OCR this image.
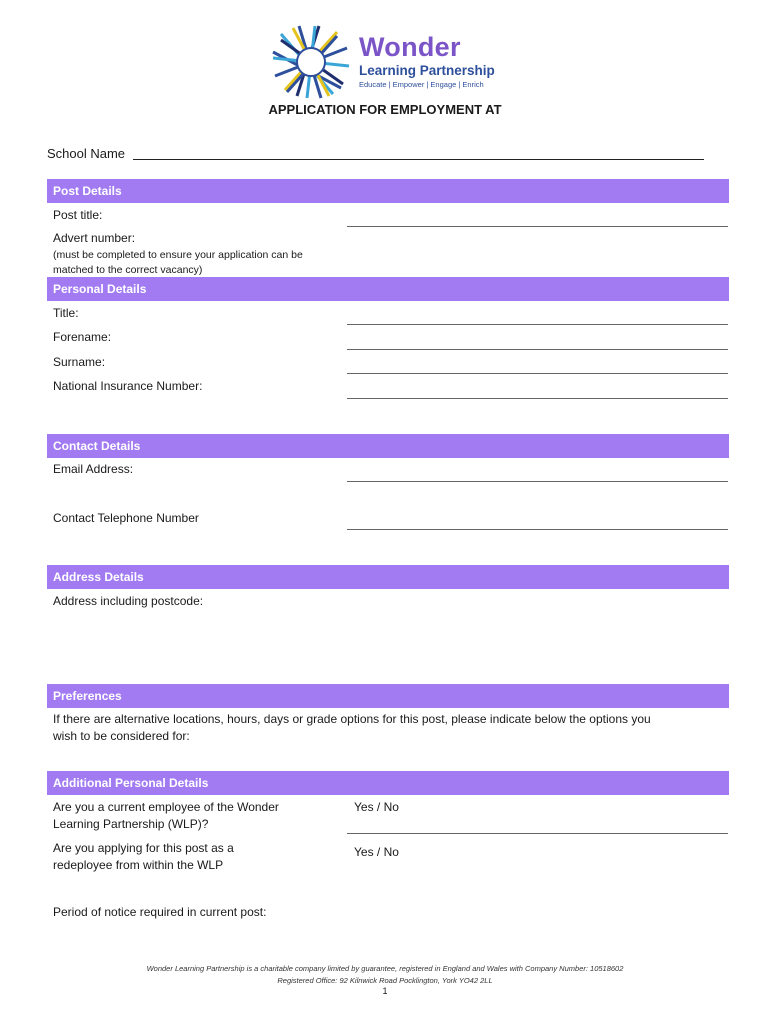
Wonder
Learning Partnership
Educate | Empower | Engage | Enrich
APPLICATION FOR EMPLOYMENT AT
School Name
Post Details
Post title:
Advert number:
(must be completed to ensure your application can be
matched to the correct vacancy)
Personal Details
Title:
Forename:
Surname:
National Insurance Number:
Contact Details
Email Address:
Contact Telephone Number
Address Details
Address including postcode:
Preferences
If there are alternative locations, hours, days or grade options for this post, please indicate below the options you
wish to be considered for:
Additional Personal Details
Are you a current employee of the Wonder
Learning Partnership (WLP)?
Yes / No
Are you applying for this post as a
redeployee from within the WLP
Yes / No
Period of notice required in current post:
Wonder Learning Partnership is a charitable company limited by guarantee, registered in England and Wales with Company Number: 10518602
Registered Office: 92 Kilnwick Road Pocklington, York YO42 2LL
1
